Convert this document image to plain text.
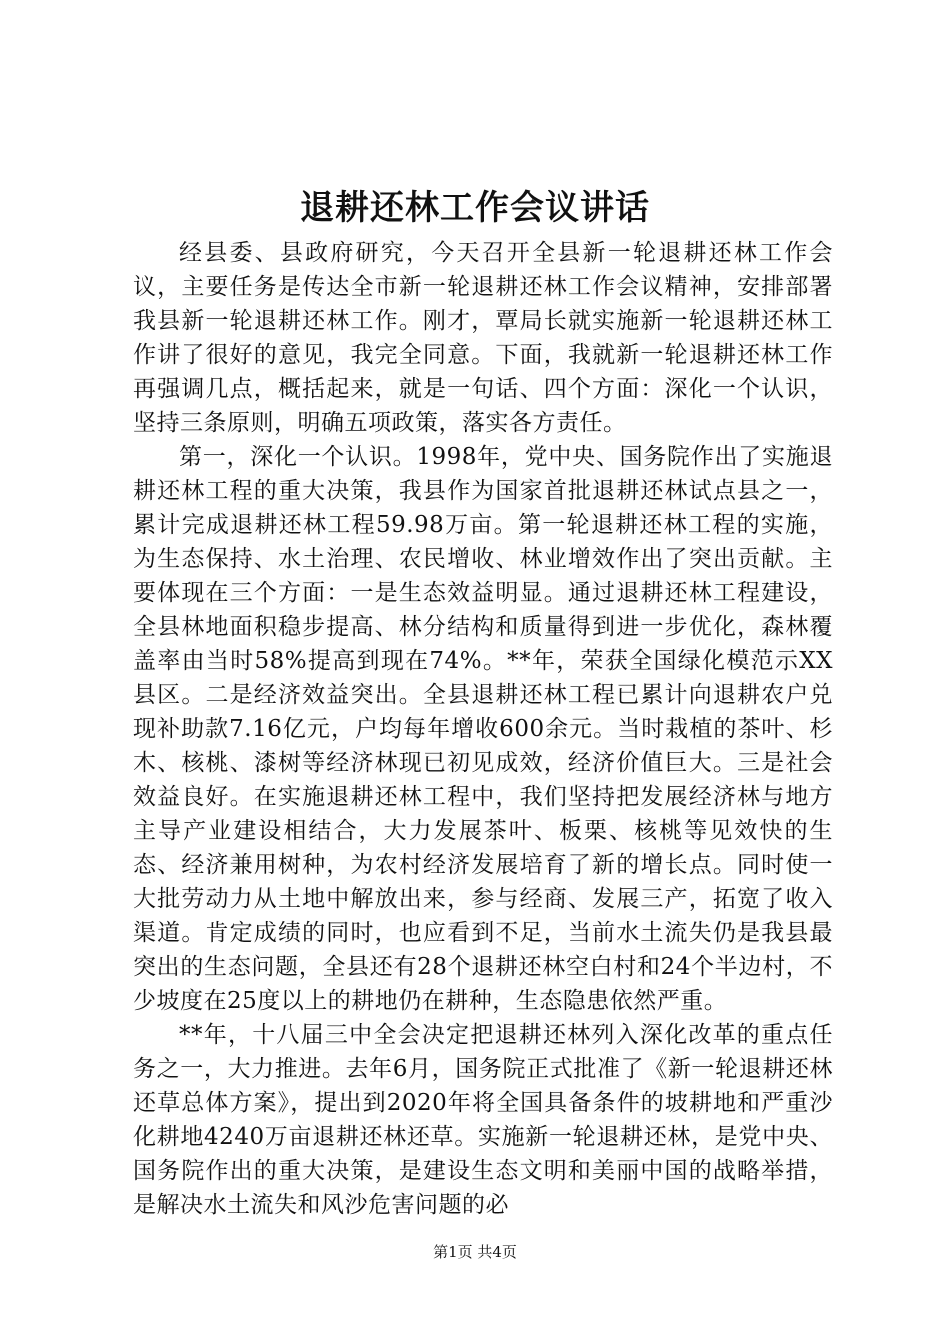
退耕还林工作会议讲话

经县委、县政府研究，今天召开全县新一轮退耕还林工作会议，主要任务是传达全市新一轮退耕还林工作会议精神，安排部署我县新一轮退耕还林工作。刚才，覃局长就实施新一轮退耕还林工作讲了很好的意见，我完全同意。下面，我就新一轮退耕还林工作再强调几点，概括起来，就是一句话、四个方面：深化一个认识，坚持三条原则，明确五项政策，落实各方责任。

第一，深化一个认识。1998年，党中央、国务院作出了实施退耕还林工程的重大决策，我县作为国家首批退耕还林试点县之一，累计完成退耕还林工程59.98万亩。第一轮退耕还林工程的实施，为生态保持、水土治理、农民增收、林业增效作出了突出贡献。主要体现在三个方面：一是生态效益明显。通过退耕还林工程建设，全县林地面积稳步提高、林分结构和质量得到进一步优化，森林覆盖率由当时58%提高到现在74%。**年，荣获全国绿化模范示XX县区。二是经济效益突出。全县退耕还林工程已累计向退耕农户兑现补助款7.16亿元，户均每年增收600余元。当时栽植的茶叶、杉木、核桃、漆树等经济林现已初见成效，经济价值巨大。三是社会效益良好。在实施退耕还林工程中，我们坚持把发展经济林与地方主导产业建设相结合，大力发展茶叶、板栗、核桃等见效快的生态、经济兼用树种，为农村经济发展培育了新的增长点。同时使一大批劳动力从土地中解放出来，参与经商、发展三产，拓宽了收入渠道。肯定成绩的同时，也应看到不足，当前水土流失仍是我县最突出的生态问题，全县还有28个退耕还林空白村和24个半边村，不少坡度在25度以上的耕地仍在耕种，生态隐患依然严重。

**年，十八届三中全会决定把退耕还林列入深化改革的重点任务之一，大力推进。去年6月，国务院正式批准了《新一轮退耕还林还草总体方案》，提出到2020年将全国具备条件的坡耕地和严重沙化耕地4240万亩退耕还林还草。实施新一轮退耕还林，是党中央、国务院作出的重大决策，是建设生态文明和美丽中国的战略举措，是解决水土流失和风沙危害问题的必

第1页 共4页
